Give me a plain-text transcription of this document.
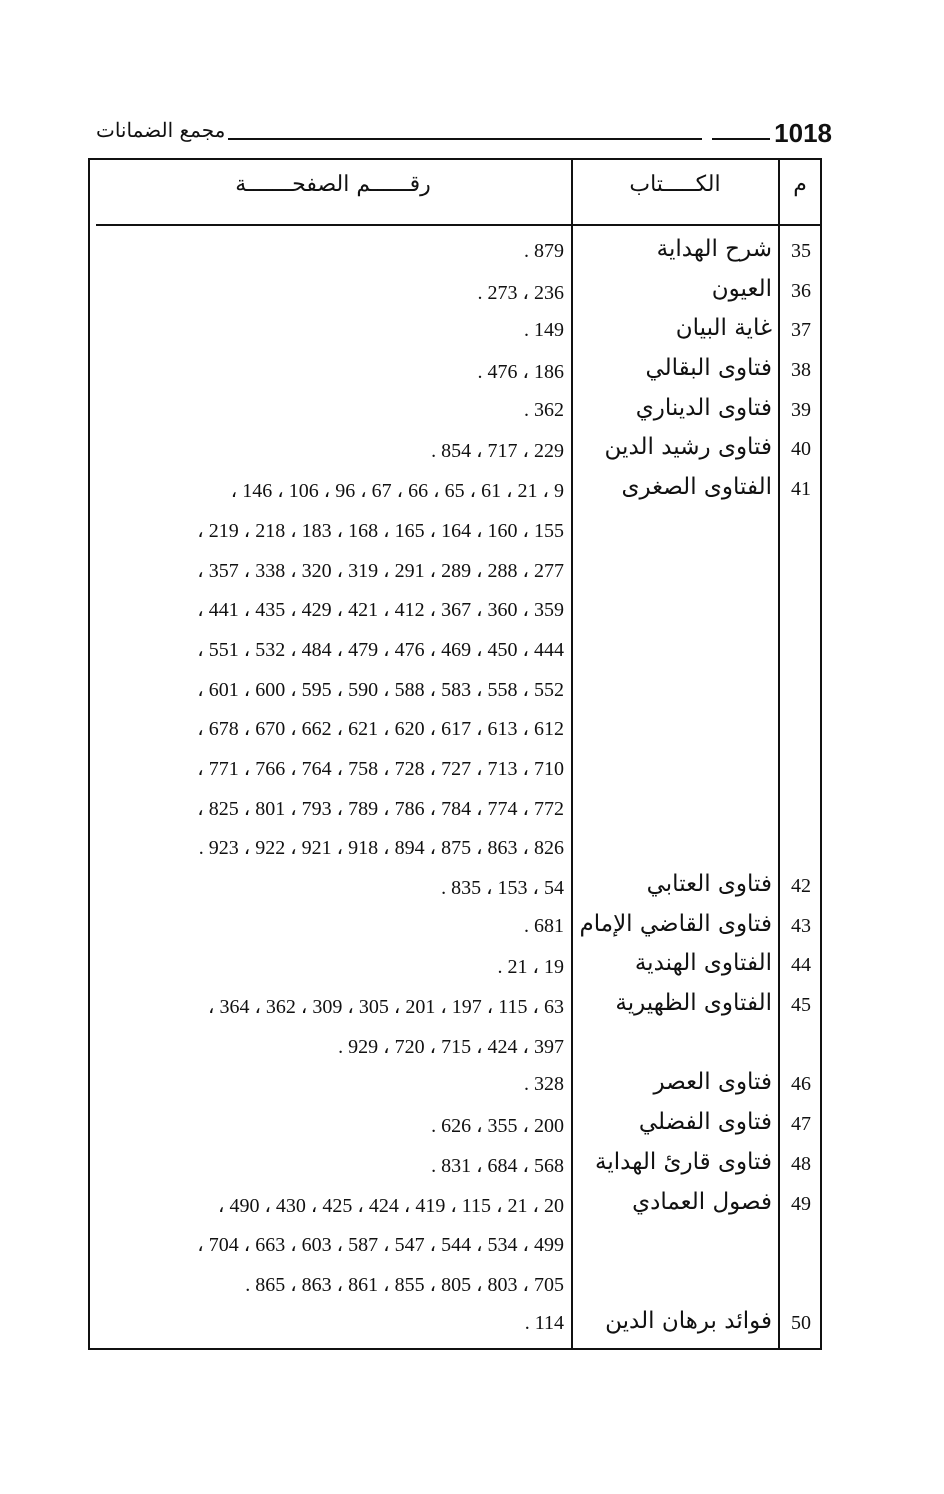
مجمع الضمانات	1018
رقــــــم الصفحـــــــة	الكـــــتاب	م
35
شرح الهداية
879 .
36
العيون
236 ، 273 .
37
غاية البيان
149 .
38
فتاوى البقالي
186 ، 476 .
39
فتاوى الديناري
362 .
40
فتاوى رشيد الدين
229 ، 717 ، 854 .
41
الفتاوى الصغرى
9 ، 21 ، 61 ، 65 ، 66 ، 67 ، 96 ، 106 ، 146 ،
155 ، 160 ، 164 ، 165 ، 168 ، 183 ، 218 ، 219 ،
277 ، 288 ، 289 ، 291 ، 319 ، 320 ، 338 ، 357 ،
359 ، 360 ، 367 ، 412 ، 421 ، 429 ، 435 ، 441 ،
444 ، 450 ، 469 ، 476 ، 479 ، 484 ، 532 ، 551 ،
552 ، 558 ، 583 ، 588 ، 590 ، 595 ، 600 ، 601 ،
612 ، 613 ، 617 ، 620 ، 621 ، 662 ، 670 ، 678 ،
710 ، 713 ، 727 ، 728 ، 758 ، 764 ، 766 ، 771 ،
772 ، 774 ، 784 ، 786 ، 789 ، 793 ، 801 ، 825 ،
826 ، 863 ، 875 ، 894 ، 918 ، 921 ، 922 ، 923 .
42
فتاوى العتابي
54 ، 153 ، 835 .
43
فتاوى القاضي الإمام
681 .
44
الفتاوى الهندية
19 ، 21 .
45
الفتاوى الظهيرية
63 ، 115 ، 197 ، 201 ، 305 ، 309 ، 362 ، 364 ،
397 ، 424 ، 715 ، 720 ، 929 .
46
فتاوى العصر
328 .
47
فتاوى الفضلي
200 ، 355 ، 626 .
48
فتاوى قارئ الهداية
568 ، 684 ، 831 .
49
فصول العمادي
20 ، 21 ، 115 ، 419 ، 424 ، 425 ، 430 ، 490 ،
499 ، 534 ، 544 ، 547 ، 587 ، 603 ، 663 ، 704 ،
705 ، 803 ، 805 ، 855 ، 861 ، 863 ، 865 .
50
فوائد برهان الدين
114 .
